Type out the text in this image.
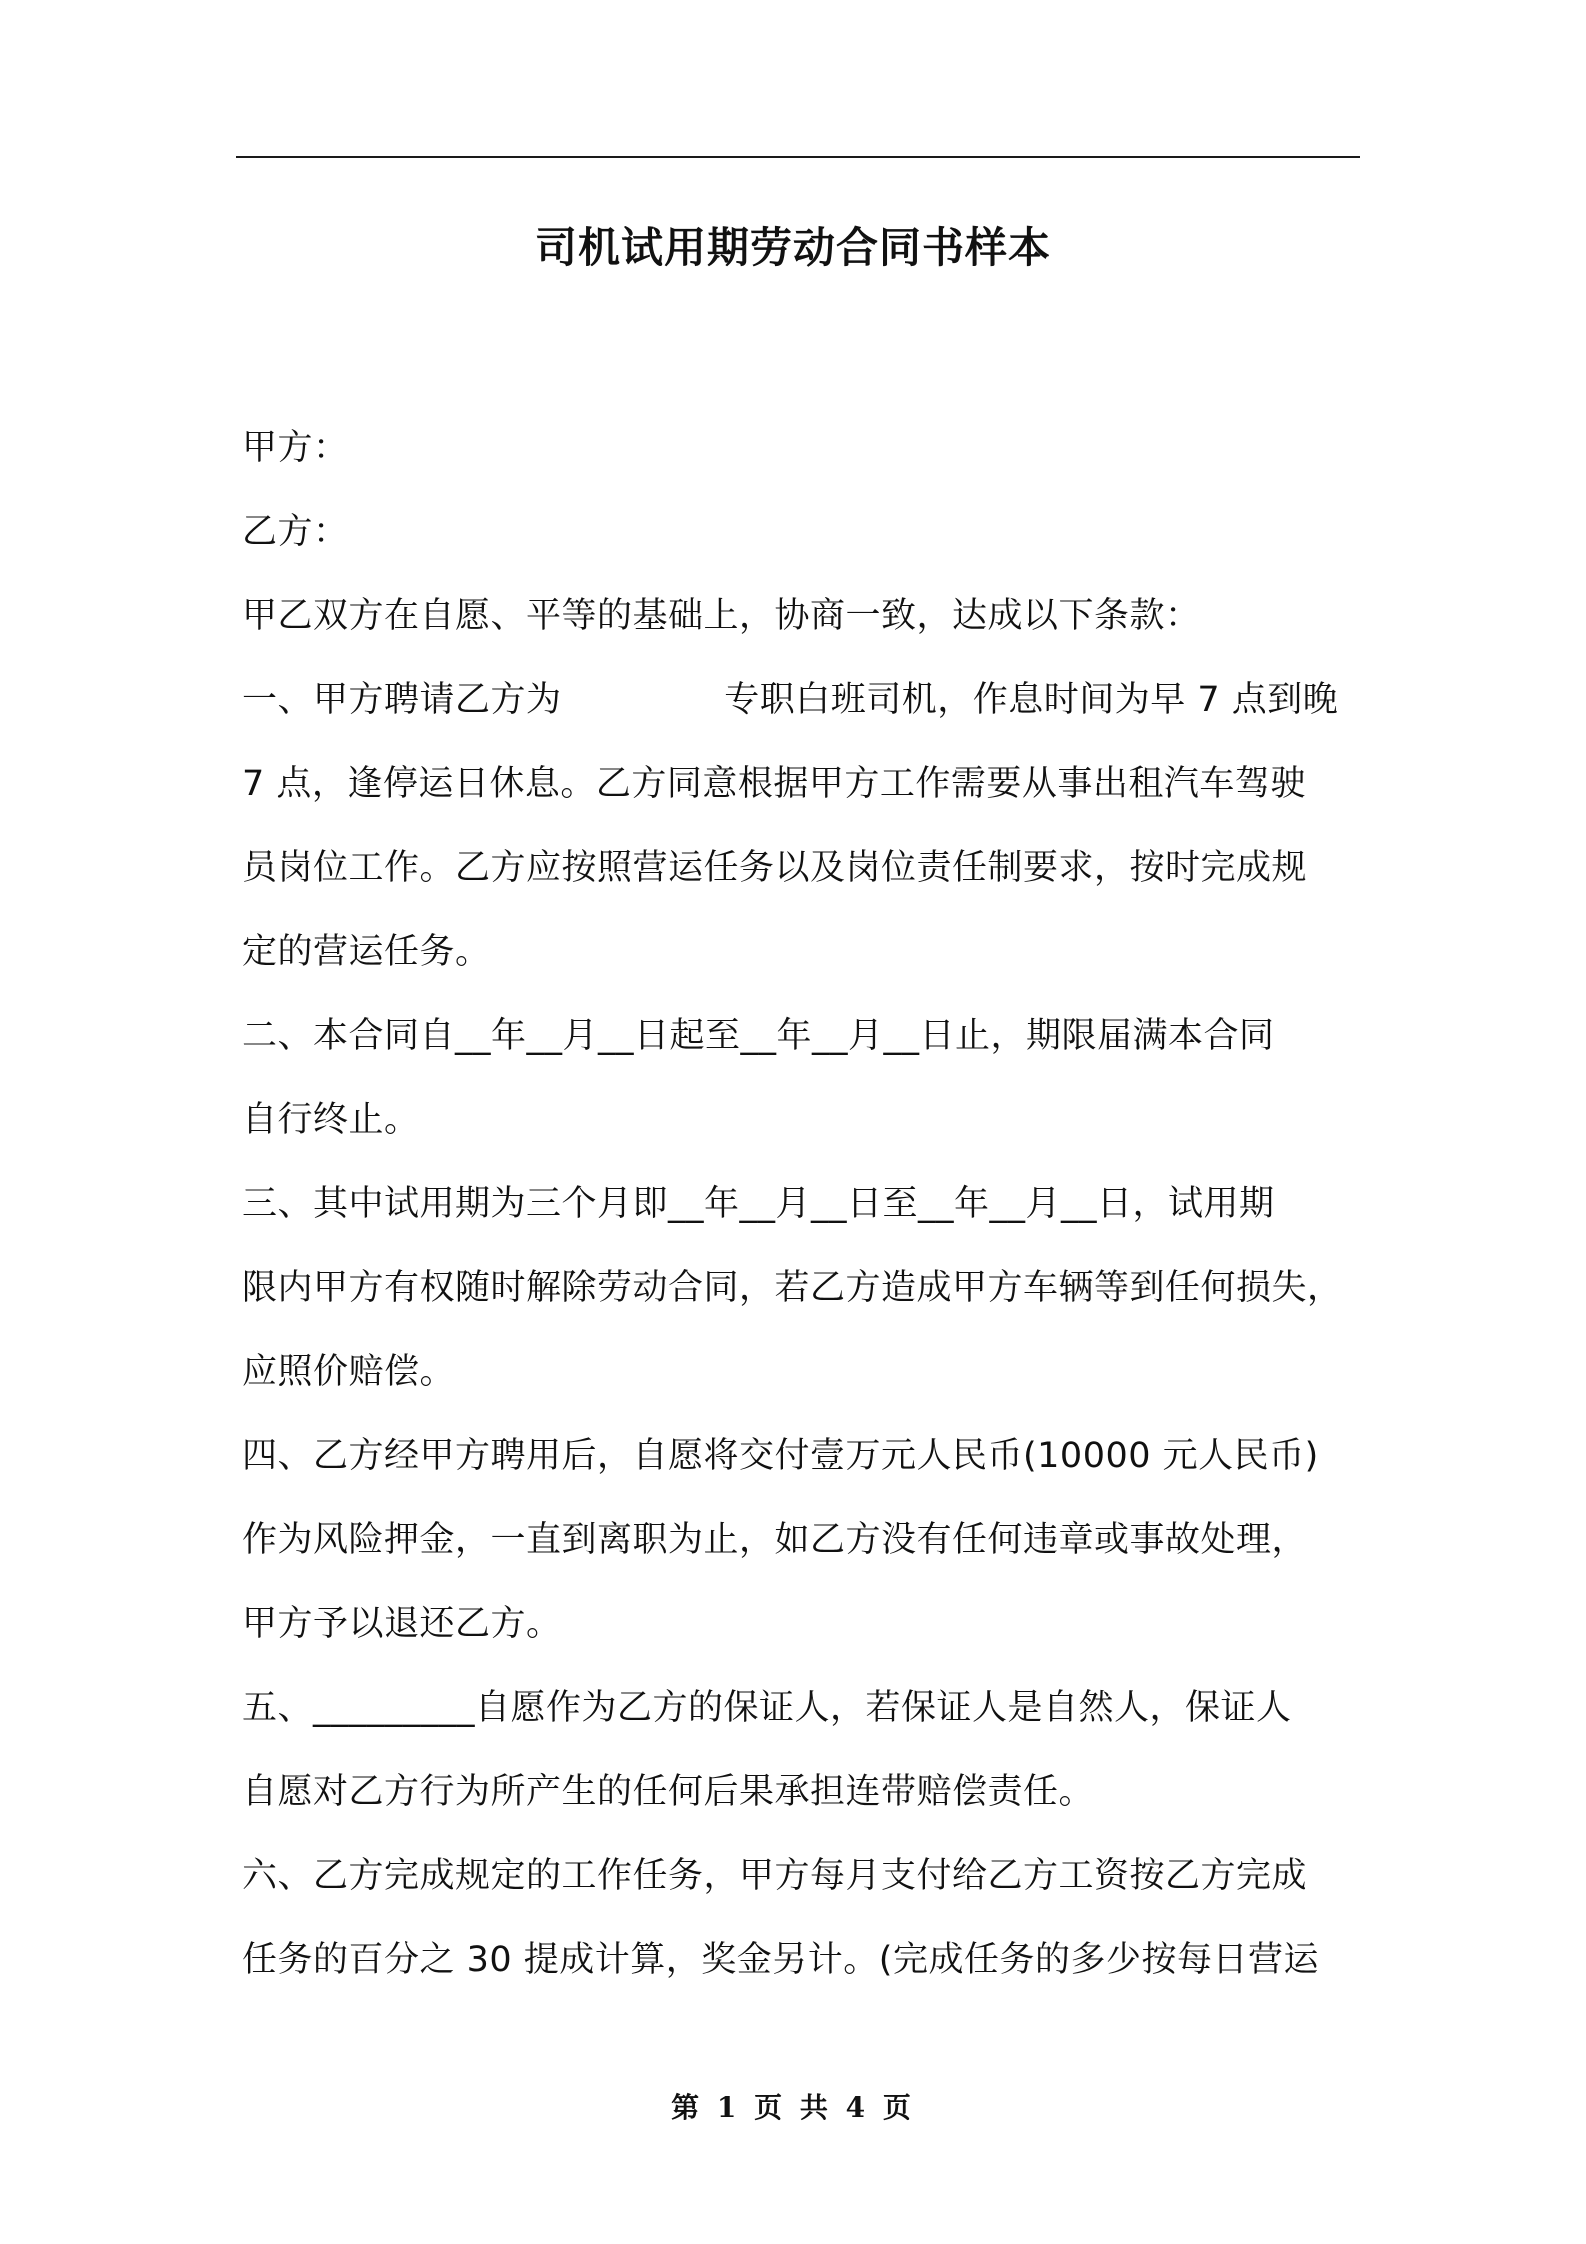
司机试用期劳动合同书样本
甲方：
乙方：
甲乙双方在自愿、平等的基础上，协商一致，达成以下条款：
一、甲方聘请乙方为              专职白班司机，作息时间为早 7 点到晚
7 点，逢停运日休息。乙方同意根据甲方工作需要从事出租汽车驾驶
员岗位工作。乙方应按照营运任务以及岗位责任制要求，按时完成规
定的营运任务。
二、本合同自__年__月__日起至__年__月__日止，期限届满本合同
自行终止。
三、其中试用期为三个月即__年__月__日至__年__月__日，试用期
限内甲方有权随时解除劳动合同，若乙方造成甲方车辆等到任何损失，
应照价赔偿。
四、乙方经甲方聘用后，自愿将交付壹万元人民币(10000 元人民币)
作为风险押金，一直到离职为止，如乙方没有任何违章或事故处理，
甲方予以退还乙方。
五、_________自愿作为乙方的保证人，若保证人是自然人，保证人
自愿对乙方行为所产生的任何后果承担连带赔偿责任。
六、乙方完成规定的工作任务，甲方每月支付给乙方工资按乙方完成
任务的百分之 30 提成计算，奖金另计。(完成任务的多少按每日营运
第 1 页 共 4 页
